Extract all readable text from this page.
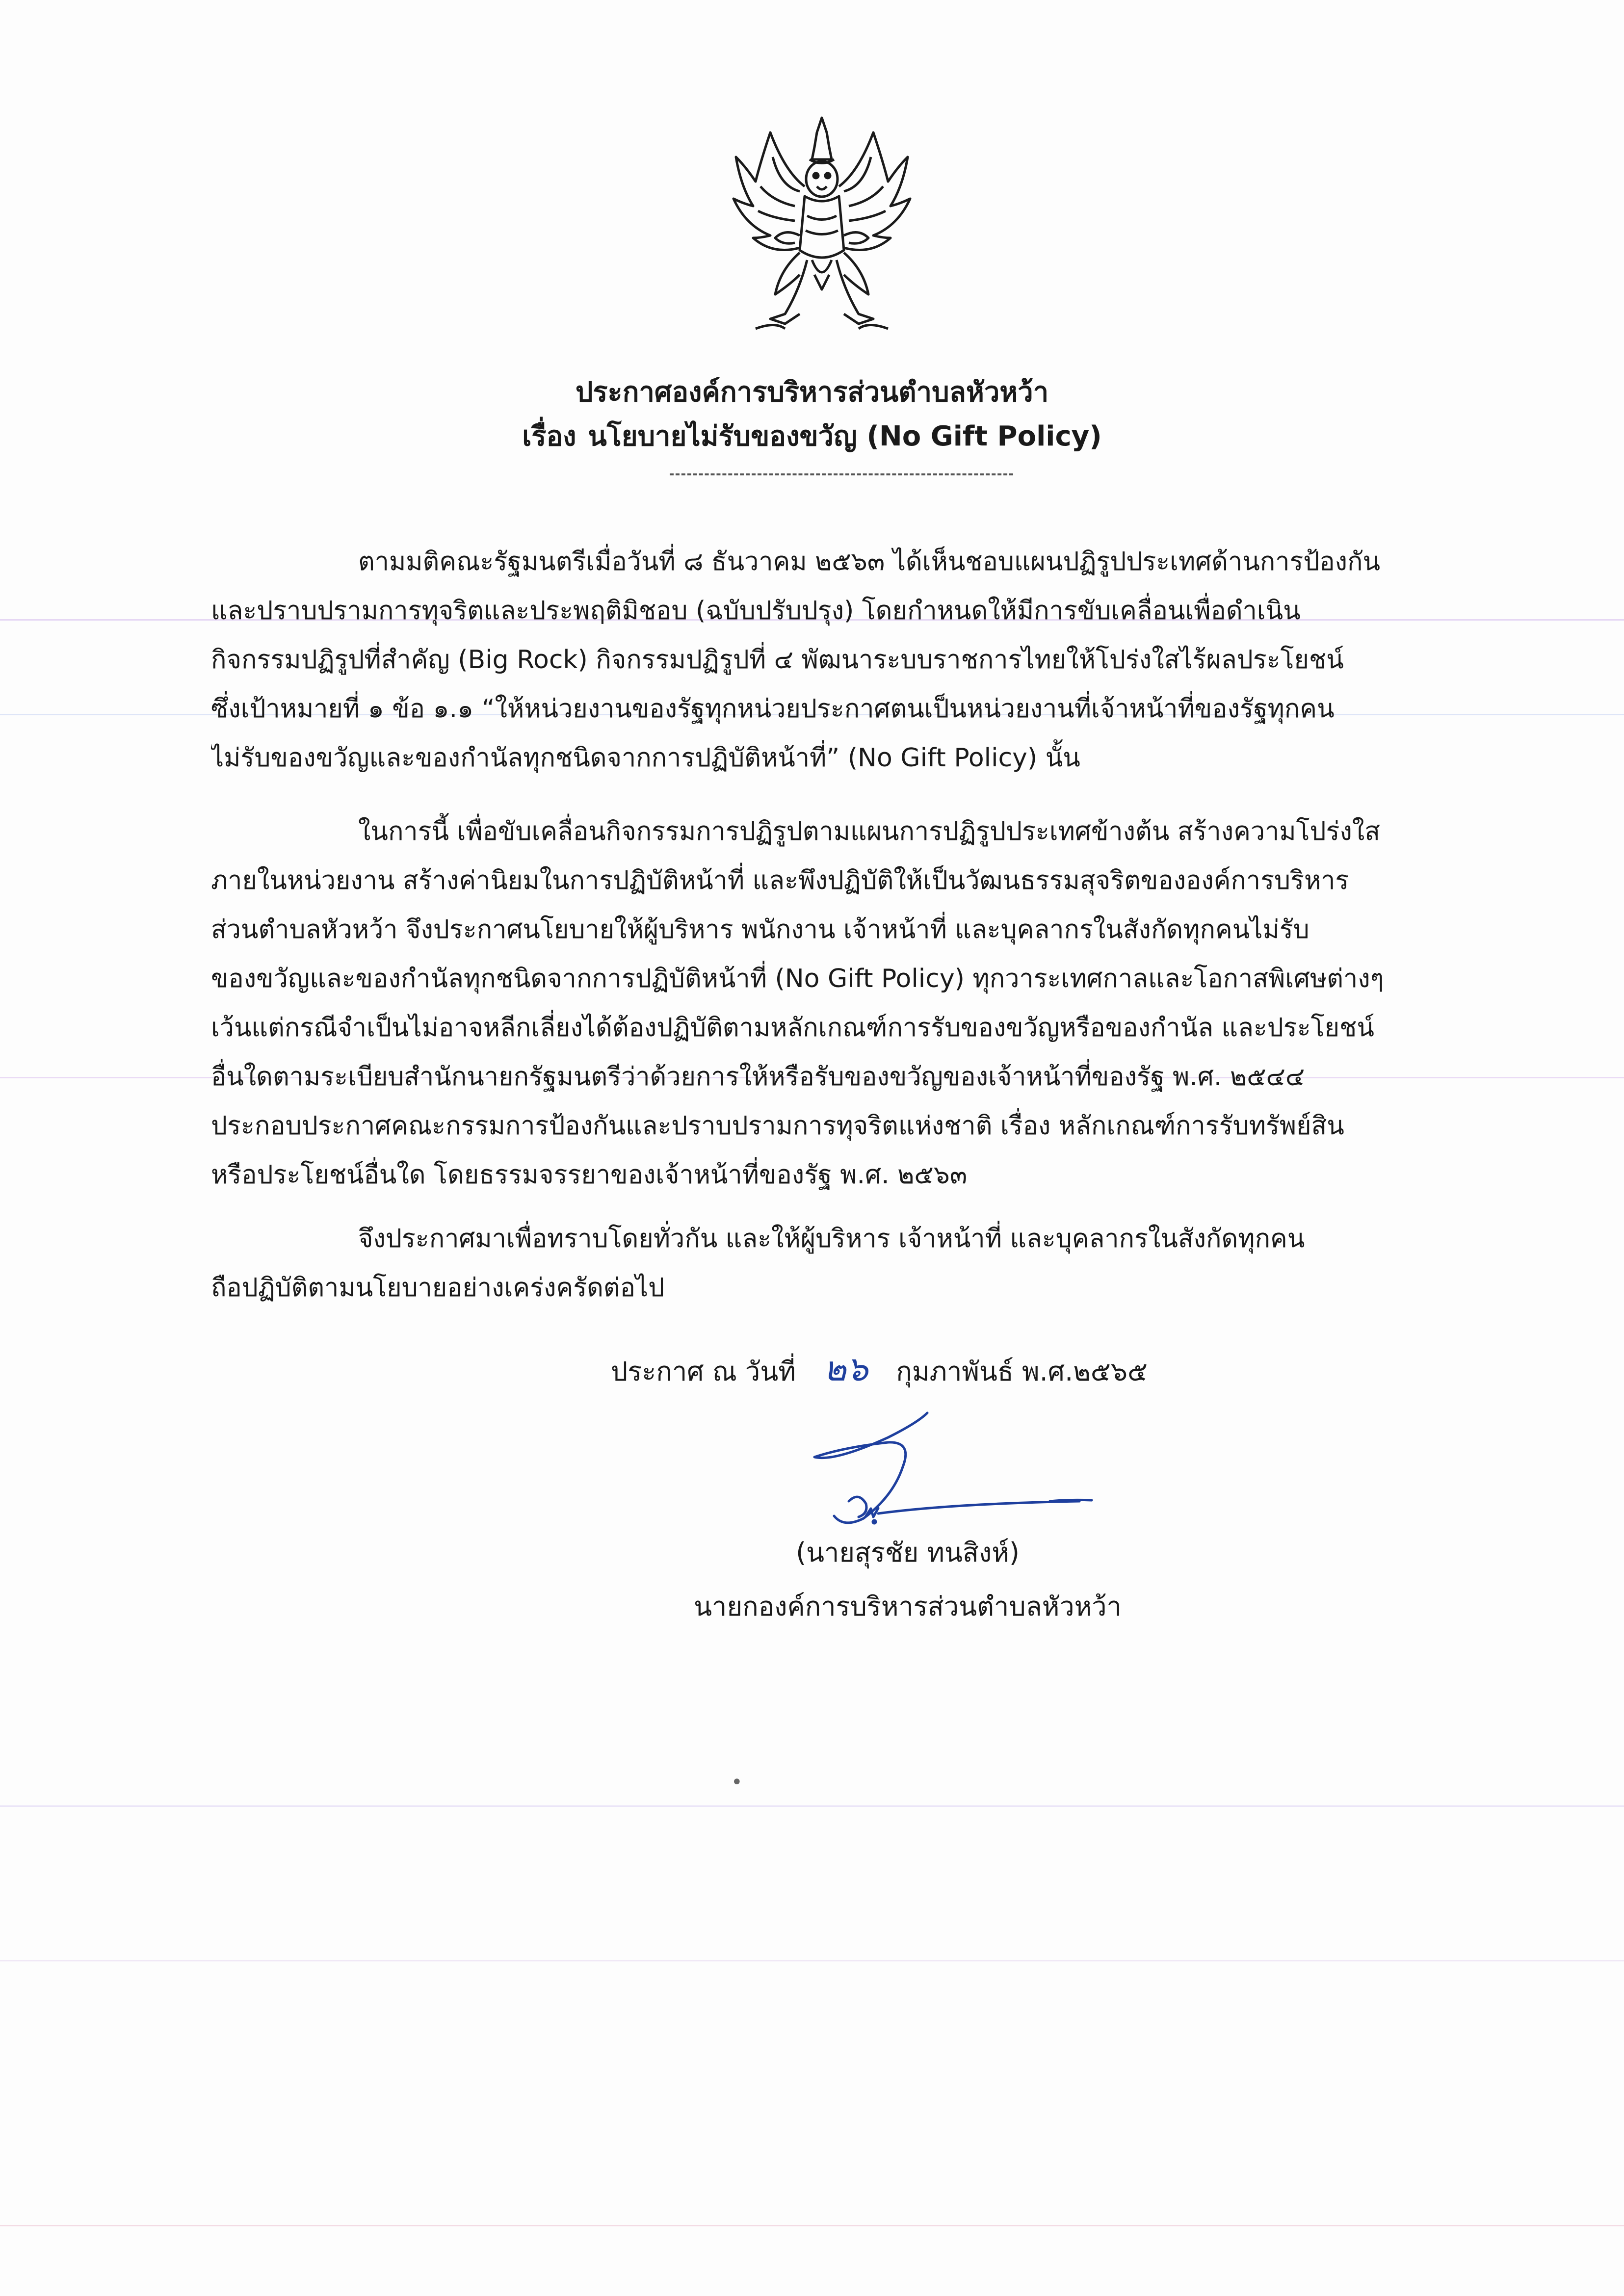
ประกาศองค์การบริหารส่วนตำบลหัวหว้า
เรื่อง นโยบายไม่รับของขวัญ (No Gift Policy)
ตามมติคณะรัฐมนตรีเมื่อวันที่ ๘ ธันวาคม ๒๕๖๓ ได้เห็นชอบแผนปฏิรูปประเทศด้านการป้องกัน
และปราบปรามการทุจริตและประพฤติมิชอบ (ฉบับปรับปรุง) โดยกำหนดให้มีการขับเคลื่อนเพื่อดำเนิน
กิจกรรมปฏิรูปที่สำคัญ (Big Rock) กิจกรรมปฏิรูปที่ ๔ พัฒนาระบบราชการไทยให้โปร่งใสไร้ผลประโยชน์
ซึ่งเป้าหมายที่ ๑ ข้อ ๑.๑ “ให้หน่วยงานของรัฐทุกหน่วยประกาศตนเป็นหน่วยงานที่เจ้าหน้าที่ของรัฐทุกคน
ไม่รับของขวัญและของกำนัลทุกชนิดจากการปฏิบัติหน้าที่” (No Gift Policy) นั้น
ในการนี้ เพื่อขับเคลื่อนกิจกรรมการปฏิรูปตามแผนการปฏิรูปประเทศข้างต้น สร้างความโปร่งใส
ภายในหน่วยงาน สร้างค่านิยมในการปฏิบัติหน้าที่ และพึงปฏิบัติให้เป็นวัฒนธรรมสุจริตขององค์การบริหาร
ส่วนตำบลหัวหว้า จึงประกาศนโยบายให้ผู้บริหาร พนักงาน เจ้าหน้าที่ และบุคลากรในสังกัดทุกคนไม่รับ
ของขวัญและของกำนัลทุกชนิดจากการปฏิบัติหน้าที่ (No Gift Policy) ทุกวาระเทศกาลและโอกาสพิเศษต่างๆ
เว้นแต่กรณีจำเป็นไม่อาจหลีกเลี่ยงได้ต้องปฏิบัติตามหลักเกณฑ์การรับของขวัญหรือของกำนัล และประโยชน์
อื่นใดตามระเบียบสำนักนายกรัฐมนตรีว่าด้วยการให้หรือรับของขวัญของเจ้าหน้าที่ของรัฐ พ.ศ. ๒๕๔๔
ประกอบประกาศคณะกรรมการป้องกันและปราบปรามการทุจริตแห่งชาติ เรื่อง หลักเกณฑ์การรับทรัพย์สิน
หรือประโยชน์อื่นใด โดยธรรมจรรยาของเจ้าหน้าที่ของรัฐ พ.ศ. ๒๕๖๓
จึงประกาศมาเพื่อทราบโดยทั่วกัน และให้ผู้บริหาร เจ้าหน้าที่ และบุคลากรในสังกัดทุกคน
ถือปฏิบัติตามนโยบายอย่างเคร่งครัดต่อไป
ประกาศ ณ วันที่ ๒๖ กุมภาพันธ์ พ.ศ.๒๕๖๕
(นายสุรชัย ทนสิงห์)
นายกองค์การบริหารส่วนตำบลหัวหว้า
•
